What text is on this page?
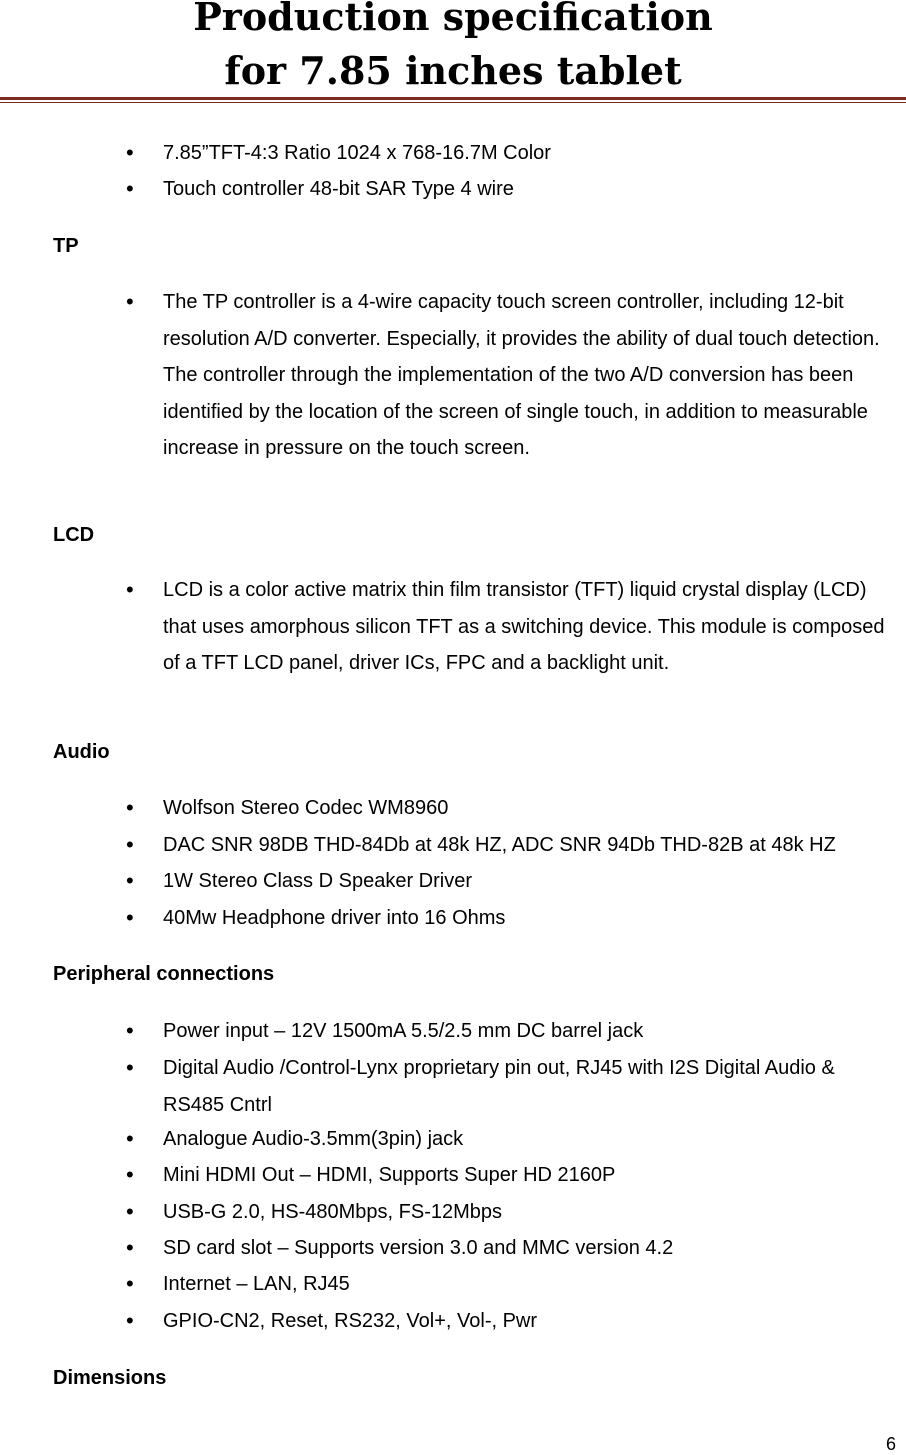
Production specification
for 7.85 inches tablet
• 7.85”TFT-4:3 Ratio 1024 x 768-16.7M Color
• Touch controller 48-bit SAR Type 4 wire
TP
• The TP controller is a 4-wire capacity touch screen controller, including 12-bit resolution A/D converter. Especially, it provides the ability of dual touch detection. The controller through the implementation of the two A/D conversion has been identified by the location of the screen of single touch, in addition to measurable increase in pressure on the touch screen.
LCD
• LCD is a color active matrix thin film transistor (TFT) liquid crystal display (LCD) that uses amorphous silicon TFT as a switching device. This module is composed of a TFT LCD panel, driver ICs, FPC and a backlight unit.
Audio
• Wolfson Stereo Codec WM8960
• DAC SNR 98DB THD-84Db at 48k HZ, ADC SNR 94Db THD-82B at 48k HZ
• 1W Stereo Class D Speaker Driver
• 40Mw Headphone driver into 16 Ohms
Peripheral connections
• Power input – 12V 1500mA 5.5/2.5 mm DC barrel jack
• Digital Audio /Control-Lynx proprietary pin out, RJ45 with I2S Digital Audio & RS485 Cntrl
• Analogue Audio-3.5mm(3pin) jack
• Mini HDMI Out – HDMI, Supports Super HD 2160P
• USB-G 2.0, HS-480Mbps, FS-12Mbps
• SD card slot – Supports version 3.0 and MMC version 4.2
• Internet – LAN, RJ45
• GPIO-CN2, Reset, RS232, Vol+, Vol-, Pwr
Dimensions
6
